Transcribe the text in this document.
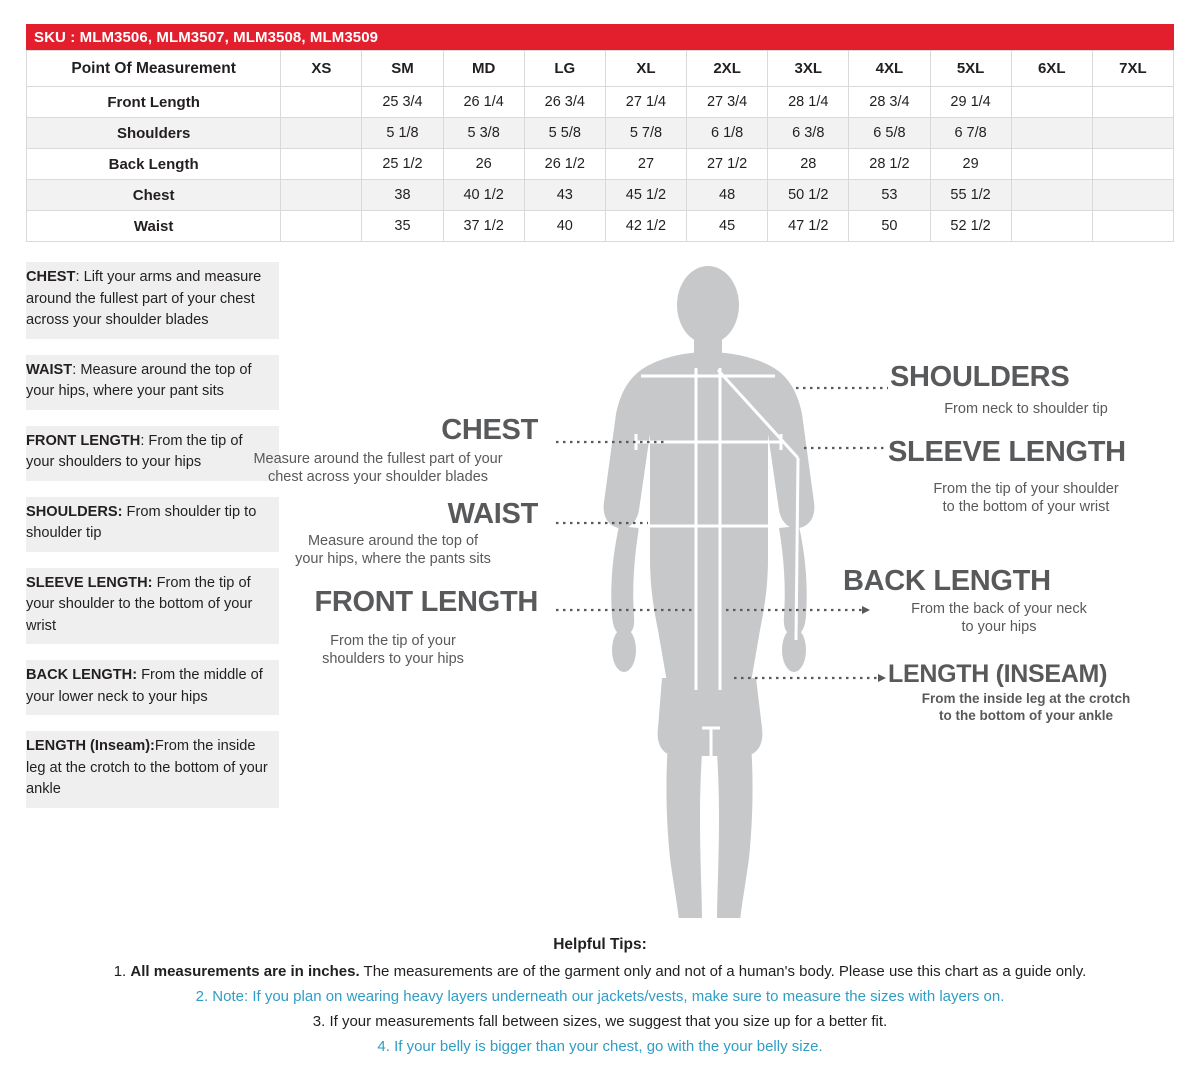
SKU : MLM3506, MLM3507, MLM3508, MLM3509
Point Of Measurement	XS	SM	MD	LG	XL	2XL	3XL	4XL	5XL	6XL	7XL
Front Length		25 3/4	26 1/4	26 3/4	27 1/4	27 3/4	28 1/4	28 3/4	29 1/4		
Shoulders		5 1/8	5 3/8	5 5/8	5 7/8	6 1/8	6 3/8	6 5/8	6 7/8		
Back Length		25 1/2	26	26 1/2	27	27 1/2	28	28 1/2	29		
Chest		38	40 1/2	43	45 1/2	48	50 1/2	53	55 1/2		
Waist		35	37 1/2	40	42 1/2	45	47 1/2	50	52 1/2		
CHEST: Lift your arms and measure around the fullest part of your chest across your shoulder blades
WAIST: Measure around the top of your hips, where your pant sits
FRONT LENGTH: From the tip of your shoulders to your hips
SHOULDERS: From shoulder tip to shoulder tip
SLEEVE LENGTH: From the tip of your shoulder to the bottom of your wrist
BACK LENGTH: From the middle of your lower neck to your hips
LENGTH (Inseam):From the inside leg at the crotch to the bottom of your ankle
CHEST
Measure around the fullest part of your
chest across your shoulder blades
WAIST
Measure around the top of
your hips, where the pants sits
FRONT LENGTH
From the tip of your
shoulders to your hips
SHOULDERS
From neck to shoulder tip
SLEEVE LENGTH
From the tip of your shoulder
to the bottom of your wrist
BACK LENGTH
From the back of your neck
to your hips
LENGTH (INSEAM)
From the inside leg at the crotch
to the bottom of your ankle
Helpful Tips:
1. All measurements are in inches. The measurements are of the garment only and not of a human's body. Please use this chart as a guide only.
2. Note: If you plan on wearing heavy layers underneath our jackets/vests, make sure to measure the sizes with layers on.
3. If your measurements fall between sizes, we suggest that you size up for a better fit.
4. If your belly is bigger than your chest, go with the your belly size.
